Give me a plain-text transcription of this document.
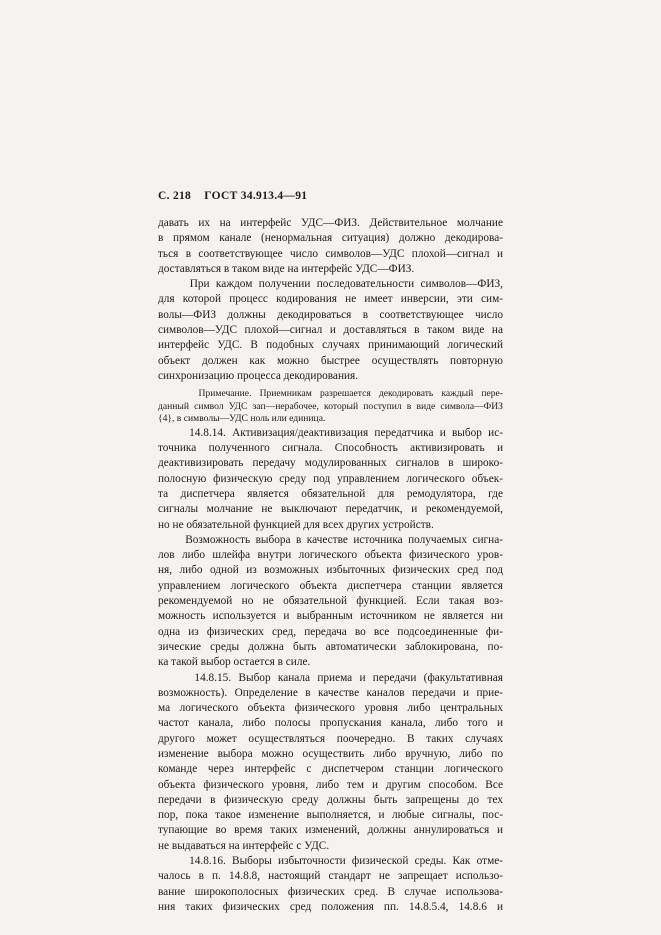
С. 218 ГОСТ 34.913.4—91
давать их на интерфейс УДС—ФИЗ. Действительное молчание
в прямом канале (ненормальная ситуация) должно декодирова-
ться в соответствующее число символов—УДС плохой—сигнал и
доставляться в таком виде на интерфейс УДС—ФИЗ.
При каждом получении последовательности символов—ФИЗ,
для которой процесс кодирования не имеет инверсии, эти сим-
волы—ФИЗ должны декодироваться в соответствующее число
символов—УДС плохой—сигнал и доставляться в таком виде на
интерфейс УДС. В подобных случаях принимающий логический
объект должен как можно быстрее осуществлять повторную
синхронизацию процесса декодирования.
Примечание. Приемникам разрешается декодировать каждый пере-
данный символ УДС зап—нерабочее, который поступил в виде символа—ФИЗ
{4}, в символы—УДС ноль или единица.
14.8.14. Активизация/деактивизация передатчика и выбор ис-
точника полученного сигнала. Способность активизировать и
деактивизировать передачу модулированных сигналов в широко-
полосную физическую среду под управлением логического объек-
та диспетчера является обязательной для ремодулятора, где
сигналы молчание не выключают передатчик, и рекомендуемой,
но не обязательной функцией для всех других устройств.
Возможность выбора в качестве источника получаемых сигна-
лов либо шлейфа внутри логического объекта физического уров-
ня, либо одной из возможных избыточных физических сред под
управлением логического объекта диспетчера станции является
рекомендуемой но не обязательной функцией. Если такая воз-
можность используется и выбранным источником не является ни
одна из физических сред, передача во все подсоединенные фи-
зические среды должна быть автоматически заблокирована, по-
ка такой выбор остается в силе.
14.8.15. Выбор канала приема и передачи (факультативная
возможность). Определение в качестве каналов передачи и прие-
ма логического объекта физического уровня либо центральных
частот канала, либо полосы пропускания канала, либо того и
другого может осуществляться поочередно. В таких случаях
изменение выбора можно осуществить либо вручную, либо по
команде через интерфейс с диспетчером станции логического
объекта физического уровня, либо тем и другим способом. Все
передачи в физическую среду должны быть запрещены до тех
пор, пока такое изменение выполняется, и любые сигналы, пос-
тупающие во время таких изменений, должны аннулироваться и
не выдаваться на интерфейс с УДС.
14.8.16. Выборы избыточности физической среды. Как отме-
чалось в п. 14.8.8, настоящий стандарт не запрещает использо-
вание широкополосных физических сред. В случае использова-
ния таких физических сред положения пп. 14.8.5.4, 14.8.6 и
